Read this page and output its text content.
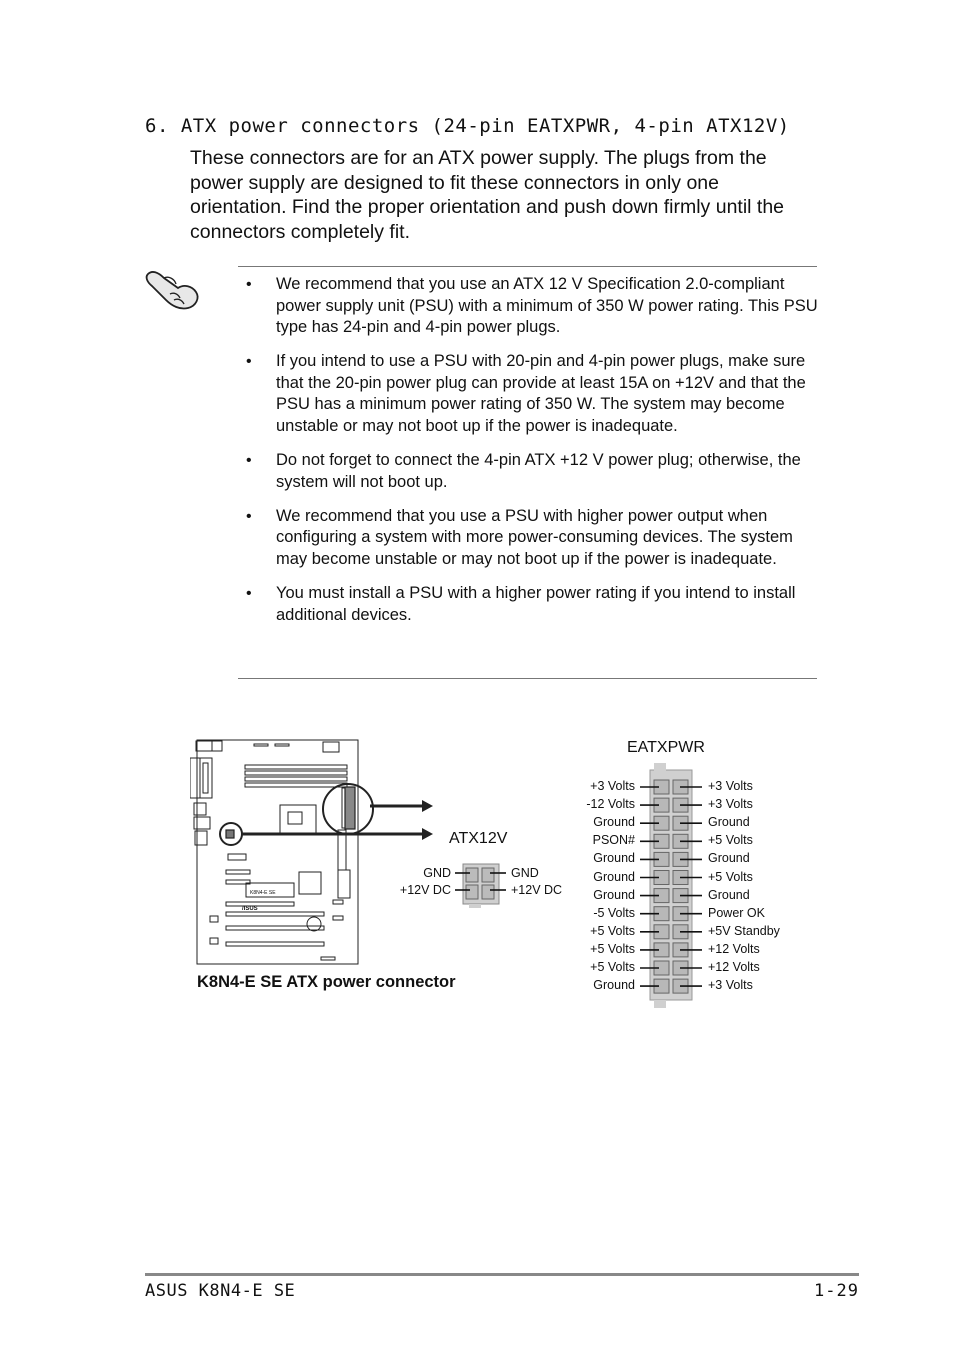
6. ATX power connectors (24-pin EATXPWR, 4-pin ATX12V)
These connectors are for an ATX power supply. The plugs from the power supply are designed to fit these connectors in only one orientation. Find the proper orientation and push down firmly until the connectors completely fit.
• We recommend that you use an ATX 12 V Specification 2.0-compliant power supply unit (PSU) with a minimum of 350 W power rating. This PSU type has 24-pin and 4-pin power plugs.
• If you intend to use a PSU with 20-pin and 4-pin power plugs, make sure that the 20-pin power plug can provide at least 15A on +12V and that the PSU has a minimum power rating of 350 W. The system may become unstable or may not boot up if the power is inadequate.
• Do not forget to connect the 4-pin ATX +12 V power plug; otherwise, the system will not boot up.
• We recommend that you use a PSU with higher power output when configuring a system with more power-consuming devices. The system may become unstable or may not boot up if the power is inadequate.
• You must install a PSU with a higher power rating if you intend to install additional devices.
K8N4-E SE
/ISUS
ATX12V
EATXPWR
K8N4-E SE ATX power connector
GND
+12V DC
GND
+12V DC
+3 Volts
-12 Volts
Ground
PSON#
Ground
Ground
Ground
-5 Volts
+5 Volts
+5 Volts
+5 Volts
Ground
+3 Volts
+3 Volts
Ground
+5 Volts
Ground
+5 Volts
Ground
Power OK
+5V Standby
+12 Volts
+12 Volts
+3 Volts
ASUS K8N4-E SE	1-29
